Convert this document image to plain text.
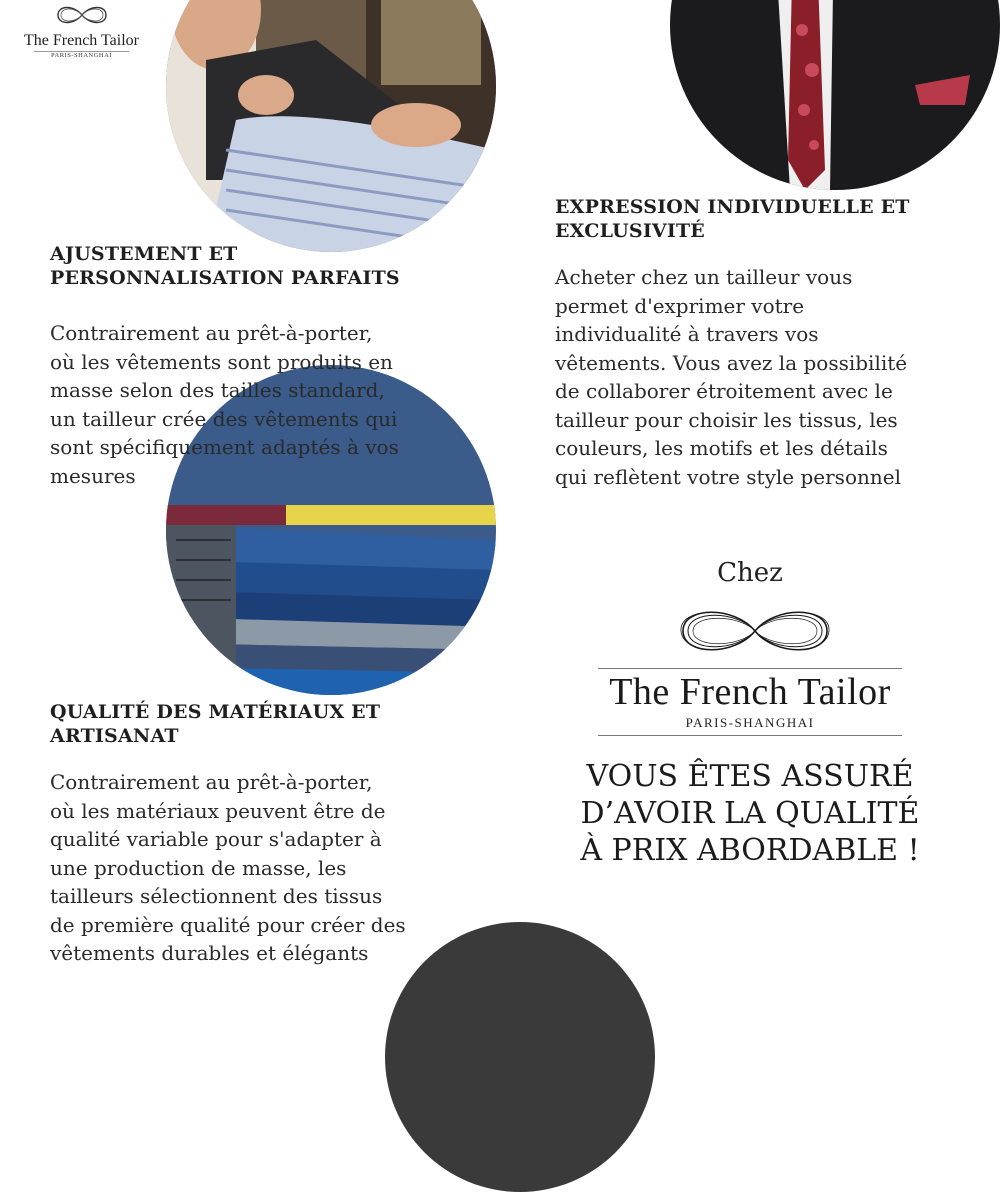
The French Tailor
PARIS-SHANGHAI
AJUSTEMENT ET
PERSONNALISATION PARFAITS
Contrairement au prêt-à-porter,
où les vêtements sont produits en
masse selon des tailles standard,
un tailleur crée des vêtements qui
sont spécifiquement adaptés à vos
mesures
EXPRESSION INDIVIDUELLE ET
EXCLUSIVITÉ
Acheter chez un tailleur vous
permet d'exprimer votre
individualité à travers vos
vêtements. Vous avez la possibilité
de collaborer étroitement avec le
tailleur pour choisir les tissus, les
couleurs, les motifs et les détails
qui reflètent votre style personnel
QUALITÉ DES MATÉRIAUX ET
ARTISANAT
Contrairement au prêt-à-porter,
où les matériaux peuvent être de
qualité variable pour s'adapter à
une production de masse, les
tailleurs sélectionnent des tissus
de première qualité pour créer des
vêtements durables et élégants
Chez
The French Tailor
PARIS-SHANGHAI
VOUS ÊTES ASSURÉ
D’AVOIR LA QUALITÉ
À PRIX ABORDABLE !
